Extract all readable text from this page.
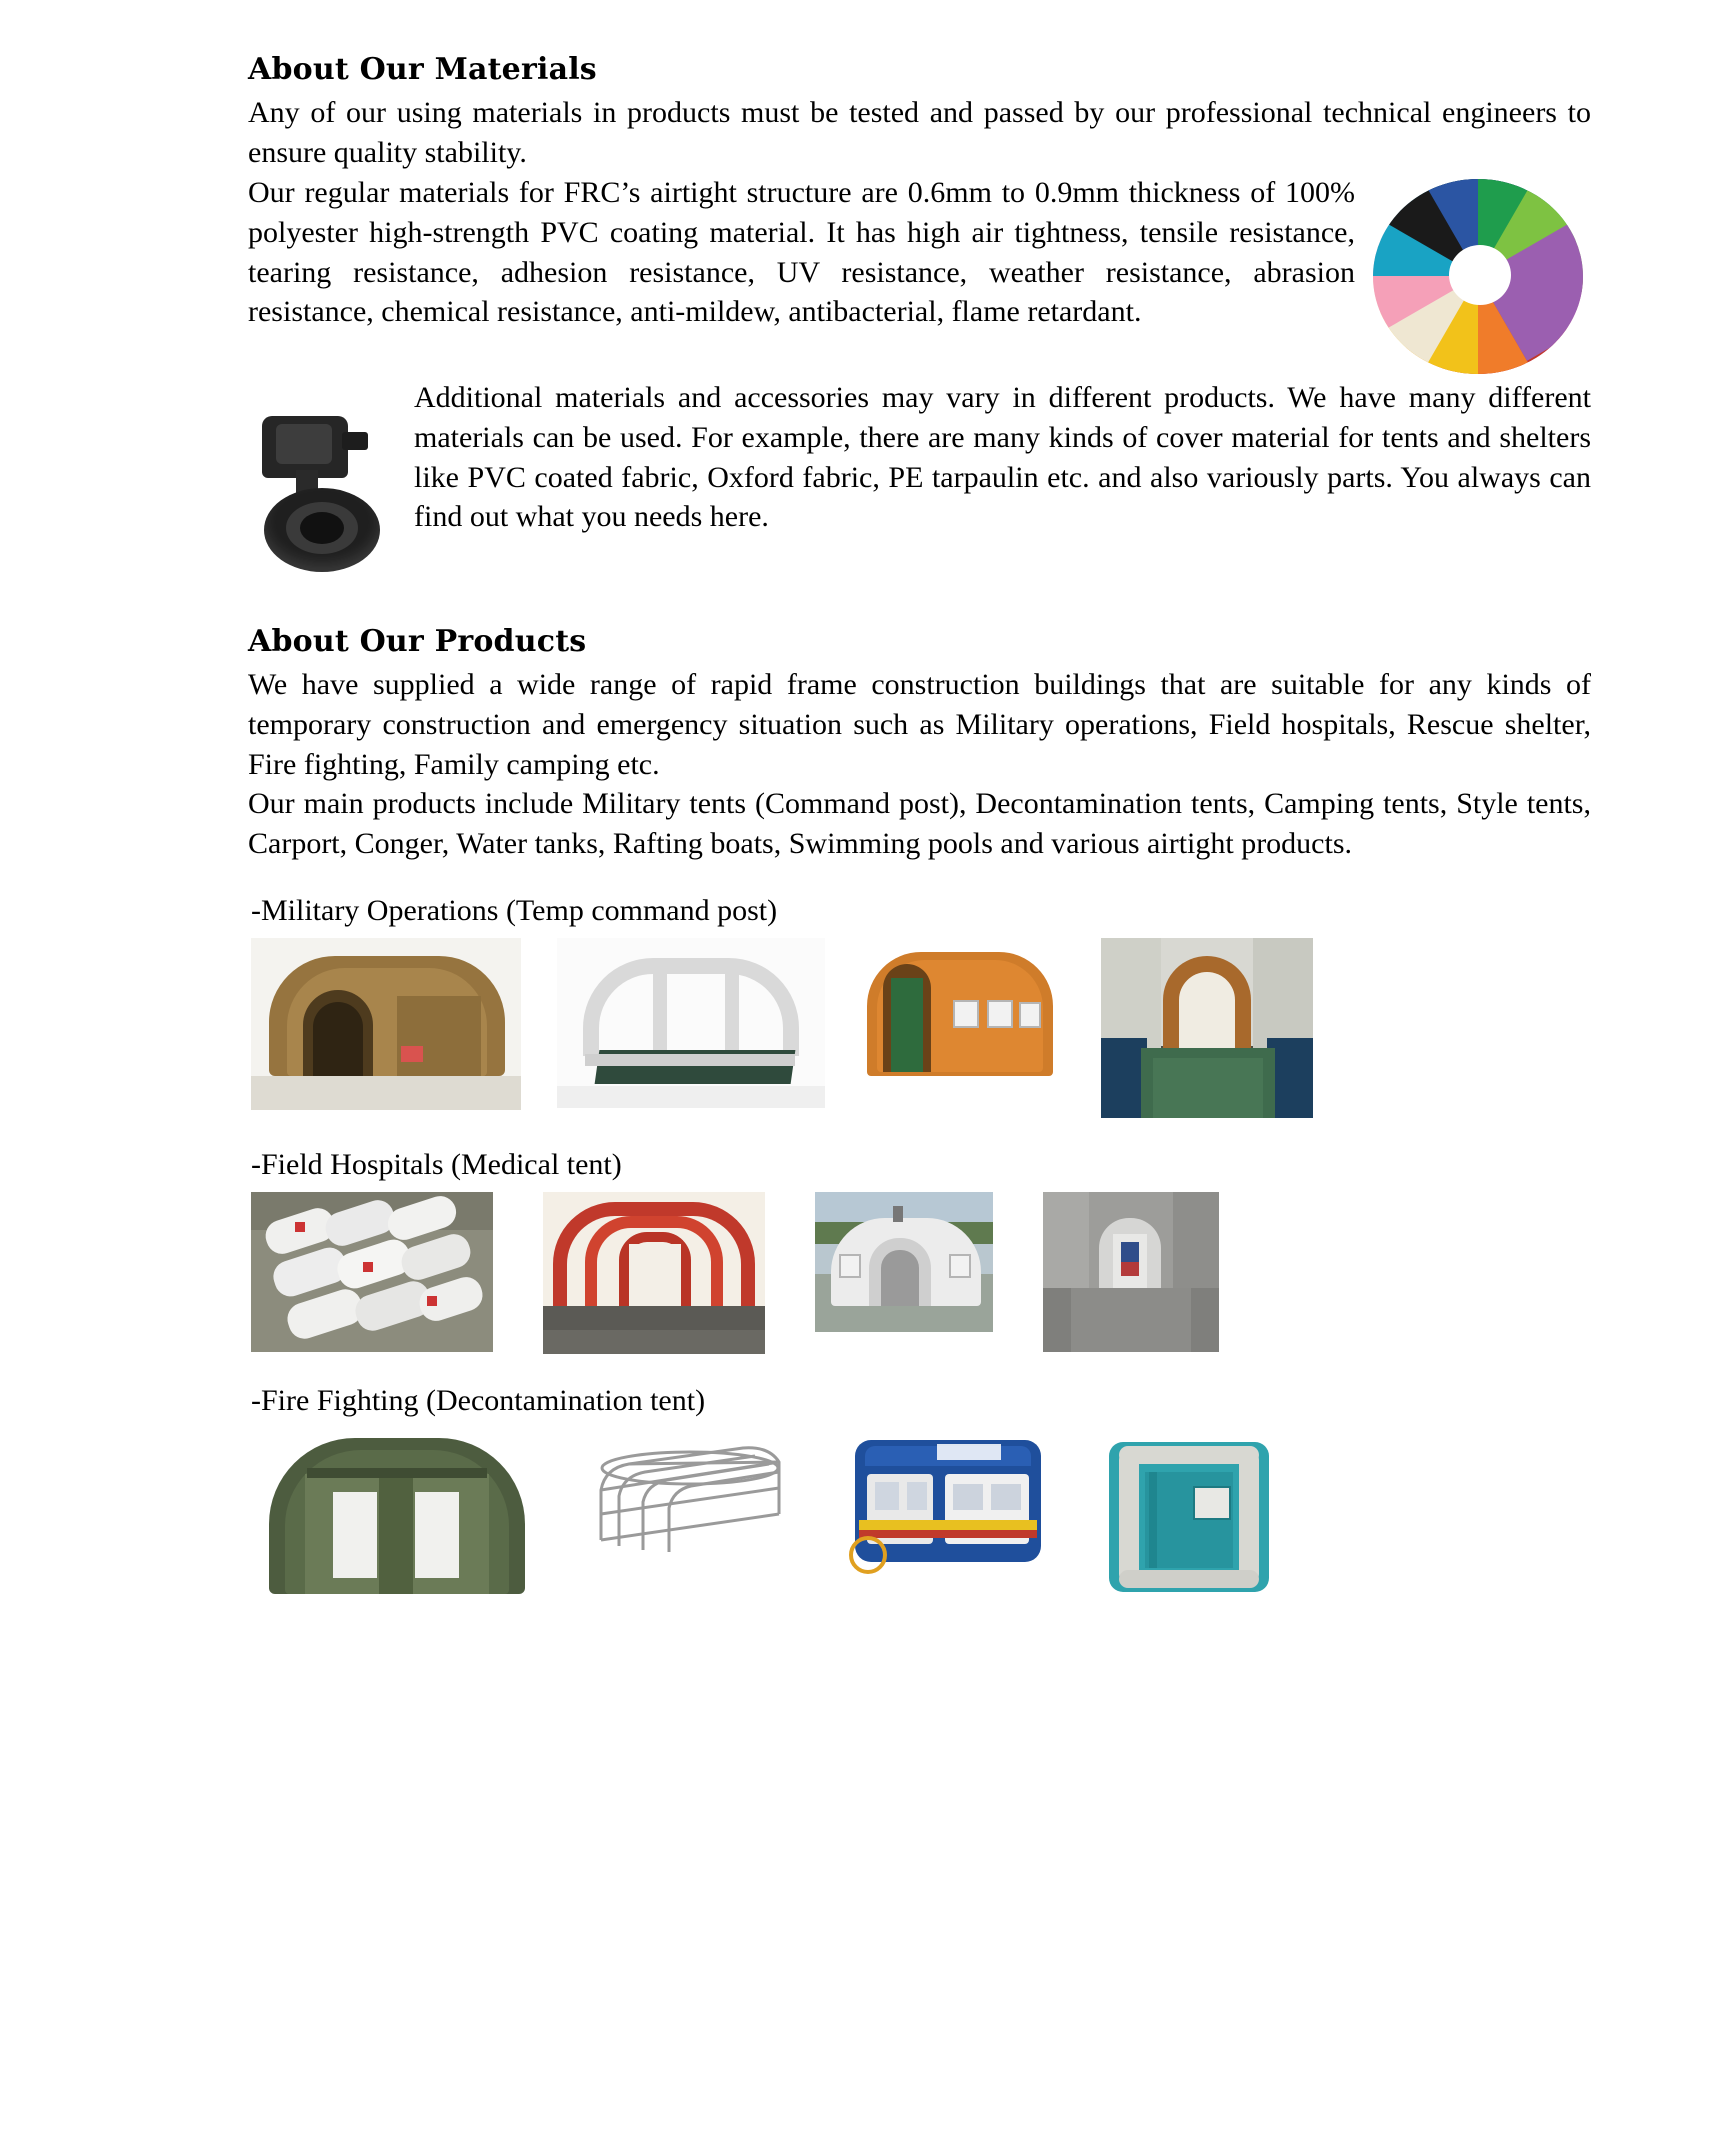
About Our Materials

Any of our using materials in products must be tested and passed by our professional technical engineers to ensure quality stability.

Our regular materials for FRC’s airtight structure are 0.6mm to 0.9mm thickness of 100% polyester high-strength PVC coating material. It has high air tightness, tensile resistance, tearing resistance, adhesion resistance, UV resistance, weather resistance, abrasion resistance, chemical resistance, anti-mildew, antibacterial, flame retardant.

Additional materials and accessories may vary in different products. We have many different materials can be used. For example, there are many kinds of cover material for tents and shelters like PVC coated fabric, Oxford fabric, PE tarpaulin etc. and also variously parts. You always can find out what you needs here.

About Our Products

We have supplied a wide range of rapid frame construction buildings that are suitable for any kinds of temporary construction and emergency situation such as Military operations, Field hospitals, Rescue shelter, Fire fighting, Family camping etc.

Our main products include Military tents (Command post), Decontamination tents, Camping tents, Style tents, Carport, Conger, Water tanks, Rafting boats, Swimming pools and various airtight products.

-Military Operations (Temp command post)
-Field Hospitals (Medical tent)
-Fire Fighting (Decontamination tent)
